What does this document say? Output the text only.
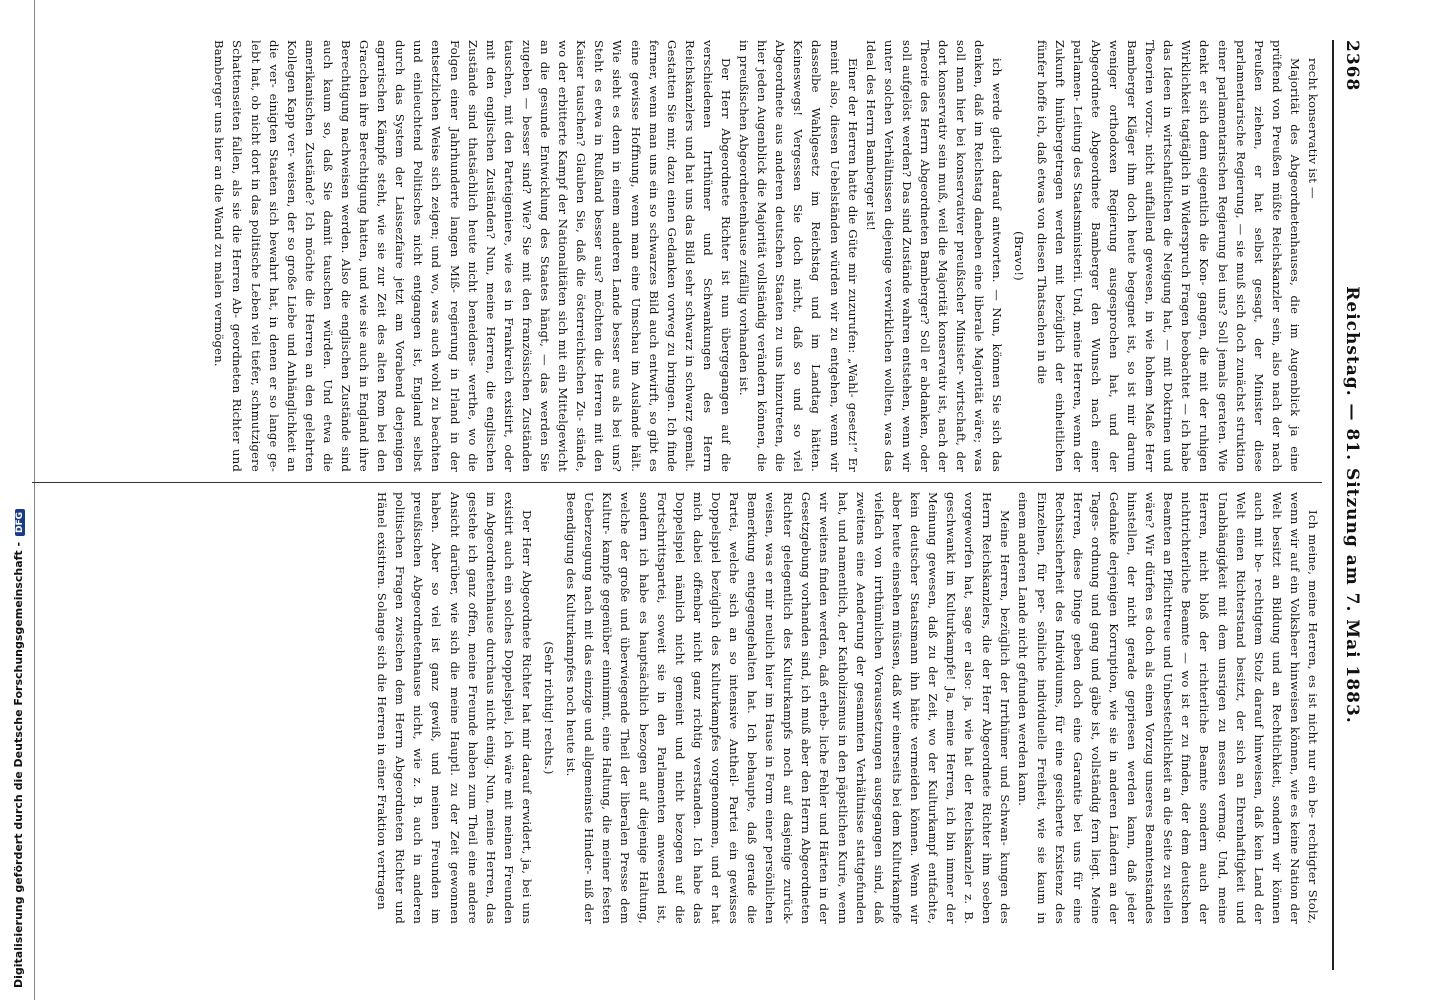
Digitalisierung gefördert durch die Deutsche Forschungsgemeinschaft -DFG
2368
Reichstag. — 81. Sitzung am 7. Mai 1883.

recht konservativ ist —

Majorität des Abgeordnetenhauses, die im Augenblick ja eine prüftend von Preußen müßte Reichskanzler sein, also nach der nach Preußen ziehen, er hat selbst gesagt, der Minister diese parlamentarische Regierung, — sie muß sich doch zunächst struktion einer parlamentarischen Regierung bei uns? Soll jemals geraten. Wie denkt er sich denn eigentlich die Kon- gangen, die mit der ruhigen Wirklichkeit tagtäglich in Widerspruch Fragen beobachtet — ich habe das Ideen in wirtschaftlichen die Neigung hat, — mit Doktrinen und Theorien vorzu- nicht auffallend gewesen, in wie hohem Maße Herr Bamberger Kläger ihm doch heute begegnet ist, so ist mir darum weniger orthodoxen Regierung ausgesprochen hat, und der Abgeordnete Abgeordnete Bamberger den Wunsch nach einer parlamen- Leitung des Staatsministerii. Und, meine Herren, wenn der Zukunft hinübergetragen werden mit bezüglich der einheitlichen fünfer hoffe ich, daß etwas von diesen Thatsachen in die

(Bravo!)

ich werde gleich darauf antworten. — Nun, können Sie sich das denken, daß im Reichstag daneben eine liberale Majorität wäre; was soll man hier bei konservativer preußischer Minister- wirtschaft, der dort konservativ sein muß, weil die Majorität konservativ ist, nach der Theorie des Herrn Abgeordneten Bamberger? Soll er abdanken, oder soll aufgelöst werden? Das sind Zustände wahren entstehen, wenn wir unter solchen Verhältnissen diejenige verwirklichen wollten, was das Ideal des Herrn Bamberger ist!

Einer der Herren hatte die Güte mir zuzurufen: „Wahl- gesetz!“ Er meint also, diesen Uebelständen würden wir zu entgehen, wenn wir dasselbe Wahlgesetz im Reichstag und im Landtag hätten. Keineswegs! Vergessen Sie doch nicht, daß so und so viel Abgeordnete aus anderen deutschen Staaten zu uns hinzutreten, die hier jeden Augenblick die Majorität vollständig verändern können, die in preußischen Abgeordnetenhause zufällig vorhanden ist.

Der Herr Abgeordnete Richter ist nun übergegangen auf die verschiedenen Irrthümer und Schwankungen des Herrn Reichskanzlers und hat uns das Bild sehr schwarz in schwarz gemalt. Gestatten Sie mir, dazu einen Gedanken vorweg zu bringen. Ich finde ferner, wenn man uns ein so schwarzes Bild auch entwirft, so gibt es eine gewisse Hoffnung, wenn man eine Umschau im Auslande hält. Wie sieht es denn in einem anderen Lande besser aus als bei uns? Steht es etwa in Rußland besser aus? möchten die Herren mit den Kaiser tauschen? Glauben Sie, daß die österreichischen Zu- stände, wo der erbitterte Kampf der Nationalitäten sich mit ein Mittelgewicht an die gesunde Entwicklung des Staates hängt, — das werden Sie zugeben — besser sind? Wie? Sie mit den französischen Zuständen tauschen, mit den Parteigeniere, wie es in Frankreich existirt, oder mit den englischen Zuständen? Nun, meine Herren, die englischen Zustände sind thatsächlich heute nicht beneidens- werthe, wo die Folgen einer Jahrhunderte langen Miß- regierung in Irland in der entsetzlichen Weise sich zeigen; und wo, was auch wohl zu beachten und einleuchtend Politisches nicht entgangen ist, England selbst durch das System der Laissezfaire jetzt am Vorabend derjenigen agrarischen Kämpfe steht, wie sie zur Zeit des alten Rom bei den Gracchen ihre Berechtigung hatten, und wie sie auch in England ihre Berechtigung nachweisen werden. Also die englischen Zustände sind auch kaum so, daß Sie damit tauschen würden. Und etwa die amerikanischen Zustände? Ich möchte die Herren an den gelehrten Kollegen Kapp ver- weisen, der so große Liebe und Anhänglichkeit an die ver- einigten Staaten sich bewahrt hat, in denen er so lange ge- lebt hat, ob nicht dort in das politische Leben viel tiefer, schmutzigere Schattenseiten fallen, als sie die Herren Ab- geordneten Richter und Bamberger uns hier an die Wand zu malen vermögen.

Ich meine, meine Herren, es ist nicht nur ein be- rechtigter Stolz, wenn wir auf ein Volksheer hinweisen können, wie es keine Nation der Welt besitzt an Bildung und an Rechtlichkeit, sondern wir können auch mit be- rechtigtem Stolz darauf hinweisen, daß kein Land der Welt einen Richterstand besitzt, der sich an Ehrenhaftigkeit und Unabhängigkeit mit dem unsrigen zu messen vermag. Und, meine Herren, nicht bloß der richterliche Beamte sondern auch der nichtrichterliche Beamte — wo ist er zu finden, der dem deutschen Beamten an Pflichttreue und Unbestechlichkeit an die Seite zu stellen wäre? Wir dürfen es doch als einen Vorzug unseres Beamtenstandes hinstellen, der nicht gerade gepriesen werden kann, daß jeder Gedanke derjenigen Korruption, wie sie in anderen Ländern an der Tages- ordnung und gang und gäbe ist, vollständig fern liegt. Meine Herren, diese Dinge geben doch eine Garantie bei uns für eine Rechtssicherheit des Individuums, für eine gesicherte Existenz des Einzelnen, für per- sönliche individuelle Freiheit, wie sie kaum in einem anderen Lande nicht gefunden werden kann.

Meine Herren, bezüglich der Irrthümer und Schwan- kungen des Herrn Reichskanzlers, die der Herr Abgeordnete Richter ihm soeben vorgeworfen hat, sage er also: ja, wie hat der Reichskanzler z. B. geschwankt im Kulturkampfe! Ja, meine Herren, ich bin immer der Meinung gewesen, daß zu der Zeit, wo der Kulturkampf entfachte, kein deutscher Staatsmann ihn hätte vermeiden können. Wenn wir aber heute einsehen müssen, daß wir einerseits bei dem Kulturkampfe vielfach von irrthümlichen Voraussetzungen ausgegangen sind, daß zweitens eine Aenderung der gesammten Verhältnisse stattgefunden hat, und namentlich, der Katholizismus in den päpstlichen Kurie, wenn wir weitens finden werden, daß erheb- liche Fehler und Härten in der Gesetzgebung vorhanden sind, ich muß aber den Herrn Abgeordneten Richter gelegentlich des Kulturkampfs noch auf dasjenige zurück- weisen, was er mir neulich hier im Hause in Form einer persönlichen Bemerkung entgegengehalten hat. Ich behaupte, daß gerade die Partei, welche sich an so intensive Antheil- Partei ein gewisses Doppelspiel bezüglich des Kulturkampfes vorgenommen, und er hat mich dabei offenbar nicht ganz richtig verstanden. Ich habe das Doppelspiel nämlich nicht gemeint und nicht bezogen auf die Fortschrittspartei, soweit sie in den Parlamenten anwesend ist, sondern ich habe es hauptsächlich bezogen auf diejenige Haltung, welche der große und überwiegende Theil der liberalen Presse dem Kultur- kampfe gegenüber einnimmt, eine Haltung, die meiner festen Ueberzeugung nach mit das einzige und allgemeinste Hinder- niß der Beendigung des Kulturkampfes noch heute ist.

(Sehr richtig! rechts.)

Der Herr Abgeordnete Richter hat mir darauf erwidert, ja, bei uns existirt auch ein solches Doppelspiel, ich wäre mit meinen Freunden im Abgeordnetenhause durchaus nicht einig. Nun, meine Herren, das gestehe ich ganz offen, meine Freunde haben zum Theil eine andere Ansicht darüber, wie sich die meine Hauptl. zu der Zeit gewonnen haben. Aber so viel ist ganz gewiß, und meinen Freunden im preußischen Abgeordnetenhause nicht, wie z. B. auch in anderen politischen Fragen zwischen dem Herrn Abgeordneten Richter und Hänel existiren. Solange sich die Herren in einer Fraktion vertragen
